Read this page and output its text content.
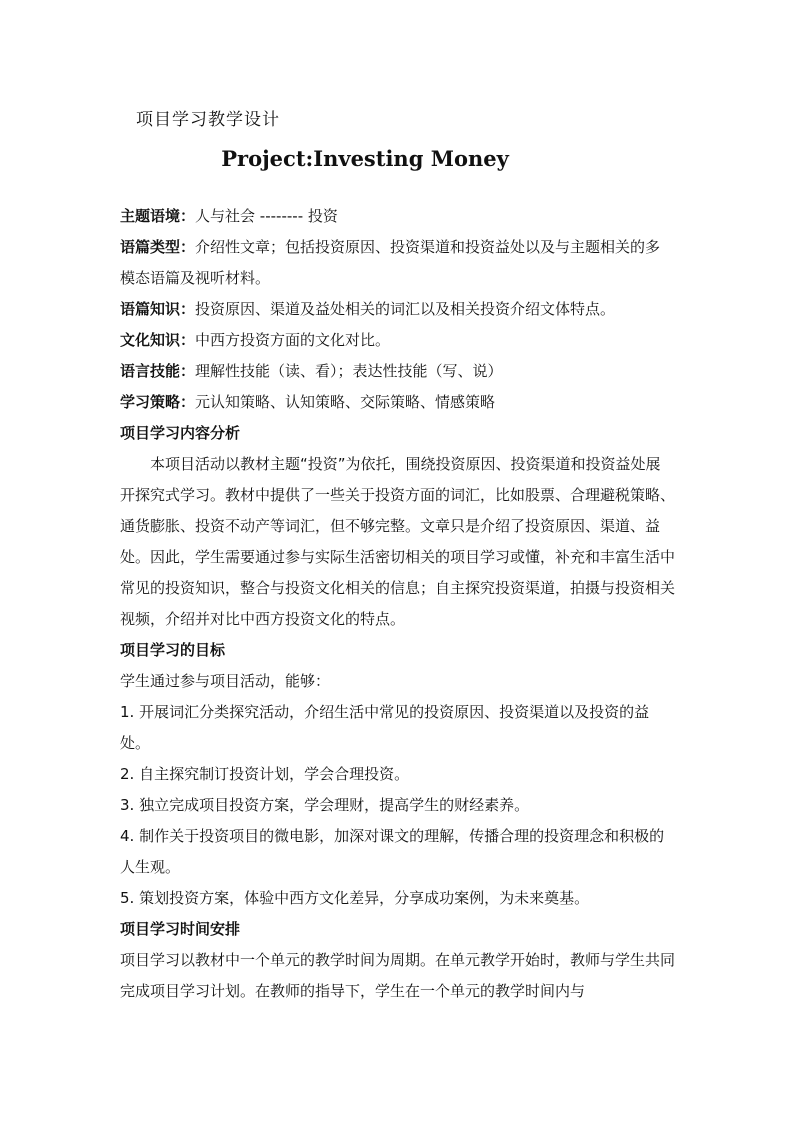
项目学习教学设计
Project:Investing Money
主题语境：人与社会 -------- 投资
语篇类型：介绍性文章；包括投资原因、投资渠道和投资益处以及与主题相关的多模态语篇及视听材料。
语篇知识：投资原因、渠道及益处相关的词汇以及相关投资介绍文体特点。
文化知识：中西方投资方面的文化对比。
语言技能：理解性技能（读、看）；表达性技能（写、说）
学习策略：元认知策略、认知策略、交际策略、情感策略
项目学习内容分析
本项目活动以教材主题“投资”为依托，围绕投资原因、投资渠道和投资益处展开探究式学习。教材中提供了一些关于投资方面的词汇，比如股票、合理避税策略、通货膨胀、投资不动产等词汇，但不够完整。文章只是介绍了投资原因、渠道、益处。因此，学生需要通过参与实际生活密切相关的项目学习或懂，补充和丰富生活中常见的投资知识，整合与投资文化相关的信息；自主探究投资渠道，拍摄与投资相关视频，介绍并对比中西方投资文化的特点。
项目学习的目标
学生通过参与项目活动，能够：
1. 开展词汇分类探究活动，介绍生活中常见的投资原因、投资渠道以及投资的益处。
2. 自主探究制订投资计划，学会合理投资。
3. 独立完成项目投资方案，学会理财，提高学生的财经素养。
4. 制作关于投资项目的微电影，加深对课文的理解，传播合理的投资理念和积极的人生观。
5. 策划投资方案，体验中西方文化差异，分享成功案例，为未来奠基。
项目学习时间安排
项目学习以教材中一个单元的教学时间为周期。在单元教学开始时，教师与学生共同完成项目学习计划。在教师的指导下，学生在一个单元的教学时间内与
